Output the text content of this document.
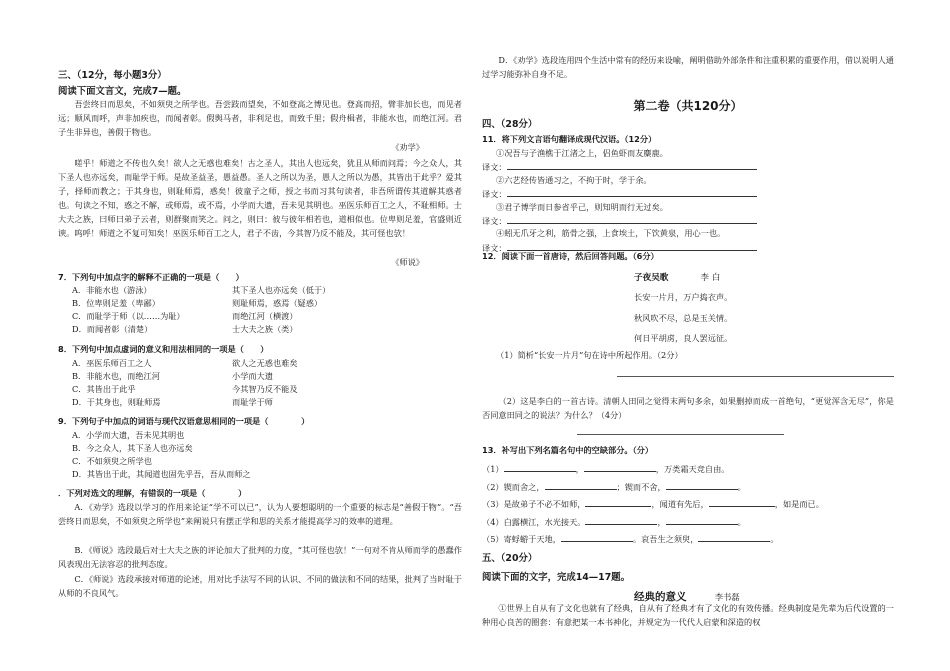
三、（12分，每小题3分）
阅读下面文言文，完成7—题。
吾尝终日而思矣，不如须臾之所学也。吾尝跂而望矣，不如登高之博见也。登高而招，臂非加长也，而见者远；顺风而呼，声非加疾也，而闻者彰。假舆马者，非利足也，而致千里；假舟楫者，非能水也，而绝江河。君子生非异也，善假于物也。
《劝学》
嗟乎！师道之不传也久矣！欲人之无惑也难矣！古之圣人，其出人也远矣，犹且从师而问焉；今之众人，其下圣人也亦远矣，而耻学于师。是故圣益圣，愚益愚。圣人之所以为圣，愚人之所以为愚，其皆出于此乎？爱其子，择师而教之；于其身也，则耻师焉，惑矣！彼童子之师，授之书而习其句读者，非吾所谓传其道解其惑者也。句读之不知，惑之不解，或师焉，或不焉，小学而大遗，吾未见其明也。巫医乐师百工之人，不耻相师。士大夫之族，曰师曰弟子云者，则群聚而笑之。问之，则曰：彼与彼年相若也，道相似也。位卑则足羞，官盛则近谀。呜呼！师道之不复可知矣！巫医乐师百工之人，君子不齿，今其智乃反不能及，其可怪也欤！
《师说》
7．下列句中加点字的解释不正确的一项是（　　）
A．非能水也（游泳）	其下圣人也亦远矣（低于）
B．位卑则足羞（卑鄙）	则耻师焉，惑焉（疑惑）
C．而耻学于师（以……为耻）	而绝江河（横渡）
D．而闻者彰（清楚）	士大夫之族（类）
8．下列句中加点虚词的意义和用法相同的一项是（　　）
A．巫医乐师百工之人	欲人之无惑也难矣
B．非能水也，而绝江河	小学而大遗
C．其皆出于此乎	今其智乃反不能及
D．于其身也，则耻师焉	而耻学于师
9．下列句子中加点的词语与现代汉语意思相同的一项是（　　　　）
A．小学而大遗，吾未见其明也
B．今之众人，其下圣人也亦远矣
C．不如须臾之所学也
D．其皆出于此，其闻道也固先乎吾，吾从而师之
．下列对选文的理解，有错误的一项是（　　　　）
A．《劝学》选段以学习的作用来论证“学不可以已”，认为人要想聪明的一个重要的标志是“善假于物”。“吾尝终日而思矣，不如须臾之所学也”来阐说只有摆正学和思的关系才能提高学习的效率的道理。
B．《师说》选段最后对士大夫之族的评论加大了批判的力度，“其可怪也欤！”一句对不肯从师而学的愚蠢作风表现出无法容忍的批判态度。
C．《师说》选段承接对师道的论述，用对比手法写不同的认识、不同的做法和不同的结果，批判了当时耻于从师的不良风气。
D．《劝学》选段连用四个生活中常有的经历来设喻，阐明借助外部条件和注重积累的重要作用，借以说明人通过学习能弥补自身不足。
第二卷（共120分）
四、（28分）
11．将下列文言语句翻译成现代汉语。（12分）
①况吾与子渔樵于江渚之上，侣鱼虾而友麋鹿。
译文：
②六艺经传皆通习之，不拘于时，学于余。
译文：
③君子博学而日参省乎己，则知明而行无过矣。
译文：
④蚓无爪牙之利，筋骨之强，上食埃土，下饮黄泉，用心一也。
译文：
12．阅读下面一首唐诗，然后回答问题。（6分）
子夜吴歌	李 白
长安一片月，万户捣衣声。
秋风吹不尽，总是玉关情。
何日平胡虏，良人罢远征。
（1）简析“长安一片月”句在诗中所起作用。（2分）
（2）这是李白的一首古诗。清朝人田同之觉得末两句多余，如果删掉而成一首绝句，“更觉浑含无尽”，你是否同意田同之的说法？为什么？（4分）
13．补写出下列名篇名句中的空缺部分。（分）
（1）	，	，万类霜天竞自由。
（2）锲而舍之，	；锲而不舍，	。
（3）是故弟子不必不如师，	，闻道有先后，	，如是而已。
（4）白露横江，水光接天。	，	。
（5）寄蜉蝣于天地，	。哀吾生之须臾，	。
五、（20分）
阅读下面的文字，完成14—17题。
经典的意义	李书磊
①世界上自从有了文化也就有了经典，自从有了经典才有了文化的有效传播。经典制度是先辈为后代设置的一种用心良苦的圈套：有意把某一本书神化，并规定为一代代人启蒙和深造的权
